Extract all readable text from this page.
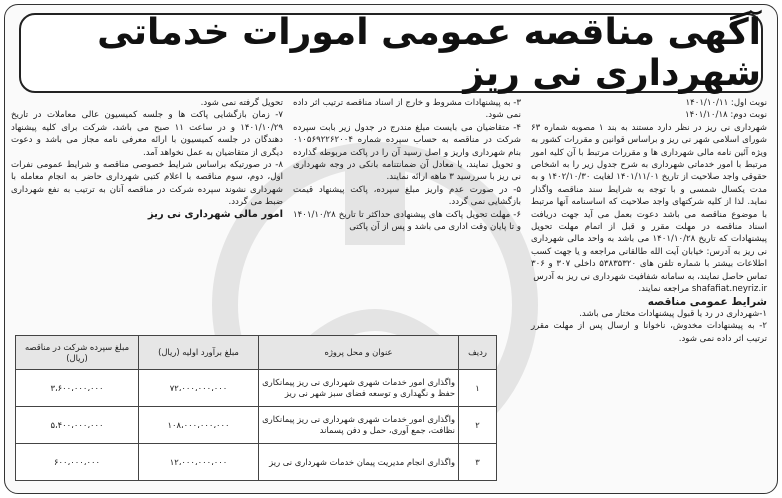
آگهی مناقصه عمومی امورات خدماتی شهرداری نی ریز

نوبت اول: ۱۴۰۱/۱۰/۱۱

نوبت دوم: ۱۴۰۱/۱۰/۱۸

شهرداری نی ریز در نظر دارد مستند به بند ۱ مصوبه شماره ۶۳ شورای اسلامی شهر نی ریز و براساس قوانین و مقررات کشور به ویژه آئین نامه مالی شهرداری ها و مقررات مرتبط با آن کلیه امور مرتبط با امور خدماتی شهرداری به شرح جدول زیر را به اشخاص حقوقی واجد صلاحیت از تاریخ ۱۴۰۱/۱۱/۰۱ لغایت ۱۴۰۲/۱۰/۳۰ و به مدت یکسال شمسی و با توجه به شرایط سند مناقصه واگذار نماید. لذا از کلیه شرکتهای واجد صلاحیت که اساسنامه آنها مرتبط با موضوع مناقصه می باشد دعوت بعمل می آید جهت دریافت اسناد مناقصه در مهلت مقرر و قبل از اتمام مهلت تحویل پیشنهادات که تاریخ ۱۴۰۱/۱۰/۲۸ می باشد به واحد مالی شهرداری نی ریز به آدرس: خیابان آیت الله طالقانی مراجعه و یا جهت کسب اطلاعات بیشتر با شماره تلفن های ۵۳۸۳۵۳۲۰ داخلی ۳۰۷ و ۳۰۶ تماس حاصل نمایند، به سامانه شفافیت شهرداری نی ریز به آدرس

shafafiat.neyriz.ir مراجعه نمایند.

شرایط عمومی مناقصه

۱-شهرداری در رد یا قبول پیشنهادات مختار می باشد.

۲- به پیشنهادات مخدوش، ناخوانا و ارسال پس از مهلت مقرر ترتیب اثر داده نمی شود.

۳- به پیشنهادات مشروط و خارج از اسناد مناقصه ترتیب اثر داده نمی شود.

۴- متقاضیان می بایست مبلغ مندرج در جدول زیر بابت سپرده شرکت در مناقصه به حساب سپرده شماره ۰۱۰۵۶۹۲۲۶۲۰۰۴ بنام شهرداری واریز و اصل رسید آن را در پاکت مربوطه گذارده و تحویل نمایند، یا معادل آن ضمانتنامه بانکی در وجه شهرداری نی ریز با سررسید ۳ ماهه ارائه نمایند.

۵- در صورت عدم واریز مبلغ سپرده، پاکت پیشنهاد قیمت بازگشایی نمی گردد.

۶- مهلت تحویل پاکت های پیشنهادی حداکثر تا تاریخ ۱۴۰۱/۱۰/۲۸ و تا پایان وقت اداری می باشد و پس از آن پاکتی

تحویل گرفته نمی شود.

۷- زمان بازگشایی پاکت ها و جلسه کمیسیون عالی معاملات در تاریخ ۱۴۰۱/۱۰/۲۹ و در ساعت ۱۱ صبح می باشد، شرکت برای کلیه پیشنهاد دهندگان در جلسه کمیسیون با ارائه معرفی نامه مجاز می باشد و دعوت دیگری از متقاضیان به عمل نخواهد آمد.

۸- در صورتیکه براساس شرایط خصوصی مناقصه و شرایط عمومی نفرات اول، دوم، سوم مناقصه با اعلام کتبی شهرداری حاضر به انجام معامله با شهرداری نشوند سپرده شرکت در مناقصه آنان به ترتیب به نفع شهرداری ضبط می گردد.

امور مالی شهرداری نی ریز

ردیف	عنوان و محل پروژه	مبلغ برآورد اولیه (ریال)	مبلغ سپرده شرکت در مناقصه (ریال)
۱	واگذاری امور خدمات شهری شهرداری نی ریز پیمانکاری حفظ و نگهداری و توسعه فضای سبز شهر نی ریز	۷۲،۰۰۰،۰۰۰،۰۰۰	۳،۶۰۰،۰۰۰،۰۰۰
۲	واگذاری امور خدمات شهری شهرداری نی ریز پیمانکاری نظافت، جمع آوری، حمل و دفن پسماند	۱۰۸،۰۰۰،۰۰۰،۰۰۰	۵،۴۰۰،۰۰۰،۰۰۰
۳	واگذاری انجام مدیریت پیمان خدمات شهرداری نی ریز	۱۲،۰۰۰،۰۰۰،۰۰۰	۶۰۰،۰۰۰،۰۰۰
